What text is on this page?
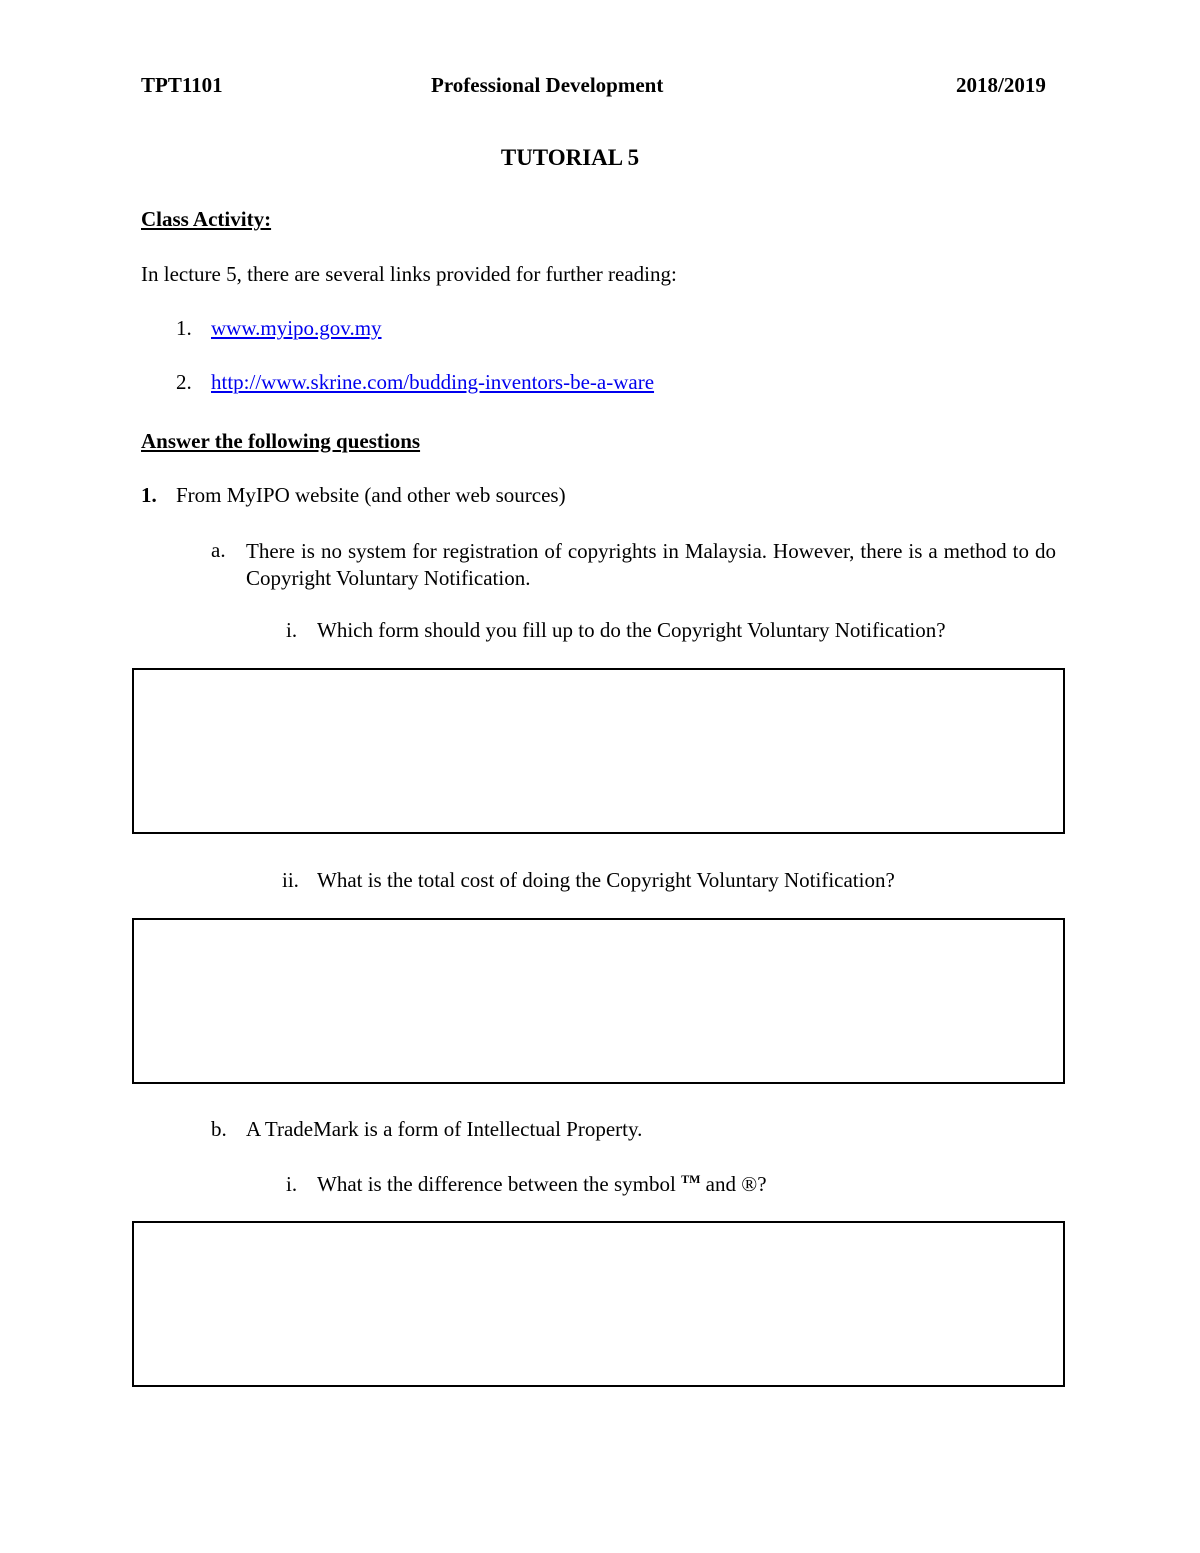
TPT1101	Professional Development	2018/2019
TUTORIAL 5
Class Activity:
In lecture 5, there are several links provided for further reading:
1. www.myipo.gov.my
2. http://www.skrine.com/budding-inventors-be-a-ware
Answer the following questions
1. From MyIPO website (and other web sources)
a. There is no system for registration of copyrights in Malaysia. However, there is a method to do Copyright Voluntary Notification.
i. Which form should you fill up to do the Copyright Voluntary Notification?
ii. What is the total cost of doing the Copyright Voluntary Notification?
b. A TradeMark is a form of Intellectual Property.
i. What is the difference between the symbol ™ and ®?
